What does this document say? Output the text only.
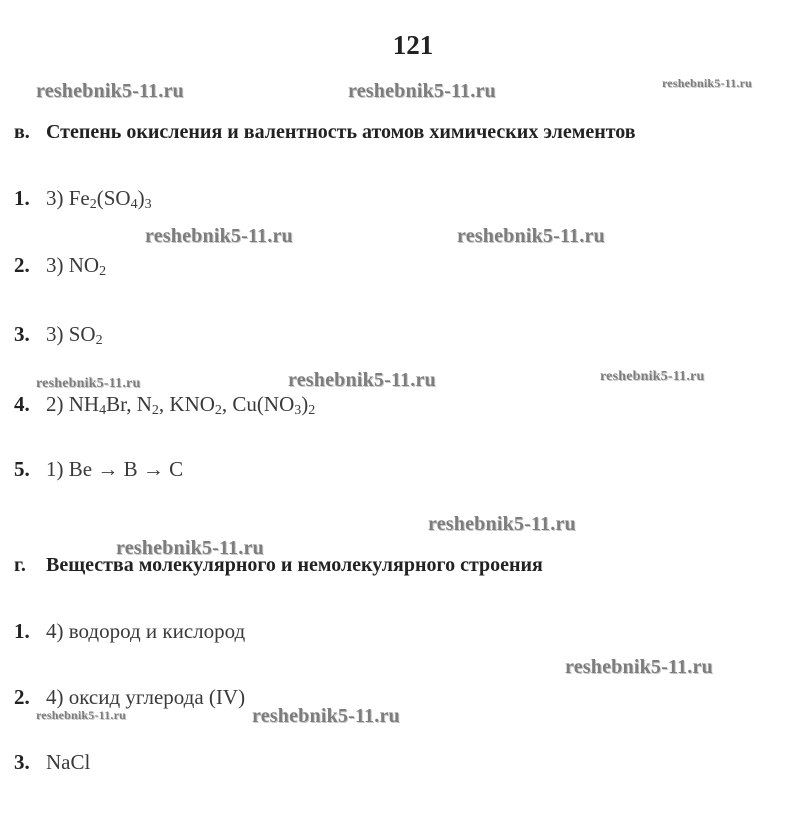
121
reshebnik5-11.ru	reshebnik5-11.ru	reshebnik5-11.ru
reshebnik5-11.ru	reshebnik5-11.ru
reshebnik5-11.ru	reshebnik5-11.ru	reshebnik5-11.ru
reshebnik5-11.ru
reshebnik5-11.ru
reshebnik5-11.ru
reshebnik5-11.ru	reshebnik5-11.ru
в. Степень окисления и валентность атомов химических элементов
1. 3) $Fe_2(SO_4)_3$
2. 3) $NO_2$
3. 3) $SO_2$
4. 2) $NH_4Br$, $N_2$, $KNO_2$, $Cu(NO_3)_2$
5. 1) Be → B → C
г. Вещества молекулярного и немолекулярного строения
1. 4) водород и кислород
2. 4) оксид углерода (IV)
3. NaCl
